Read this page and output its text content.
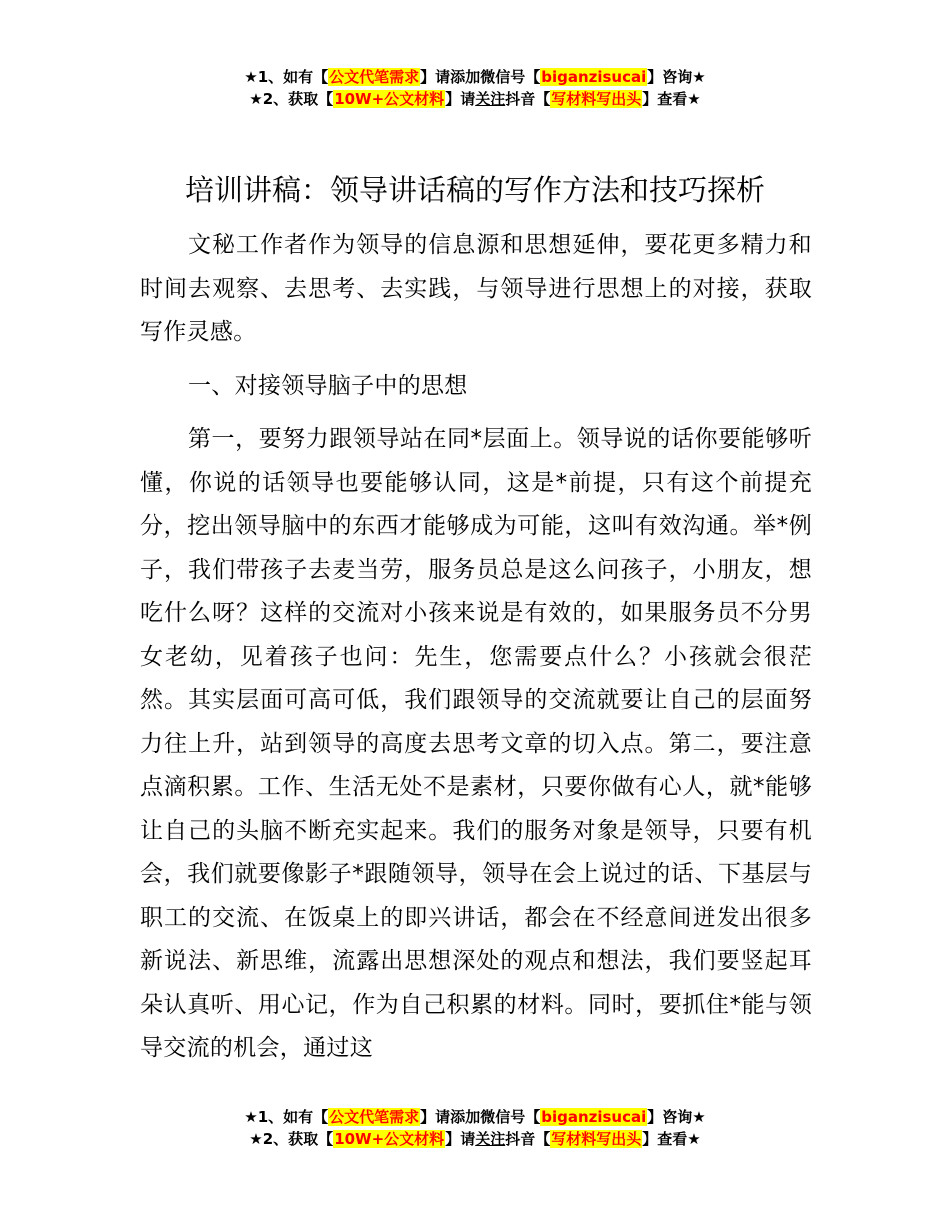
★1、如有【公文代笔需求】请添加微信号【biganzisucai】咨询★
★2、获取【10W+公文材料】请关注抖音【写材料写出头】查看★
培训讲稿：领导讲话稿的写作方法和技巧探析

文秘工作者作为领导的信息源和思想延伸，要花更多精力和时间去观察、去思考、去实践，与领导进行思想上的对接，获取写作灵感。

一、对接领导脑子中的思想

第一，要努力跟领导站在同*层面上。领导说的话你要能够听懂，你说的话领导也要能够认同，这是*前提，只有这个前提充分，挖出领导脑中的东西才能够成为可能，这叫有效沟通。举*例子，我们带孩子去麦当劳，服务员总是这么问孩子，小朋友，想吃什么呀？这样的交流对小孩来说是有效的，如果服务员不分男女老幼，见着孩子也问：先生，您需要点什么？小孩就会很茫然。其实层面可高可低，我们跟领导的交流就要让自己的层面努力往上升，站到领导的高度去思考文章的切入点。第二，要注意点滴积累。工作、生活无处不是素材，只要你做有心人，就*能够让自己的头脑不断充实起来。我们的服务对象是领导，只要有机会，我们就要像影子*跟随领导，领导在会上说过的话、下基层与职工的交流、在饭桌上的即兴讲话，都会在不经意间迸发出很多新说法、新思维，流露出思想深处的观点和想法，我们要竖起耳朵认真听、用心记，作为自己积累的材料。同时，要抓住*能与领导交流的机会，通过这

★1、如有【公文代笔需求】请添加微信号【biganzisucai】咨询★
★2、获取【10W+公文材料】请关注抖音【写材料写出头】查看★
